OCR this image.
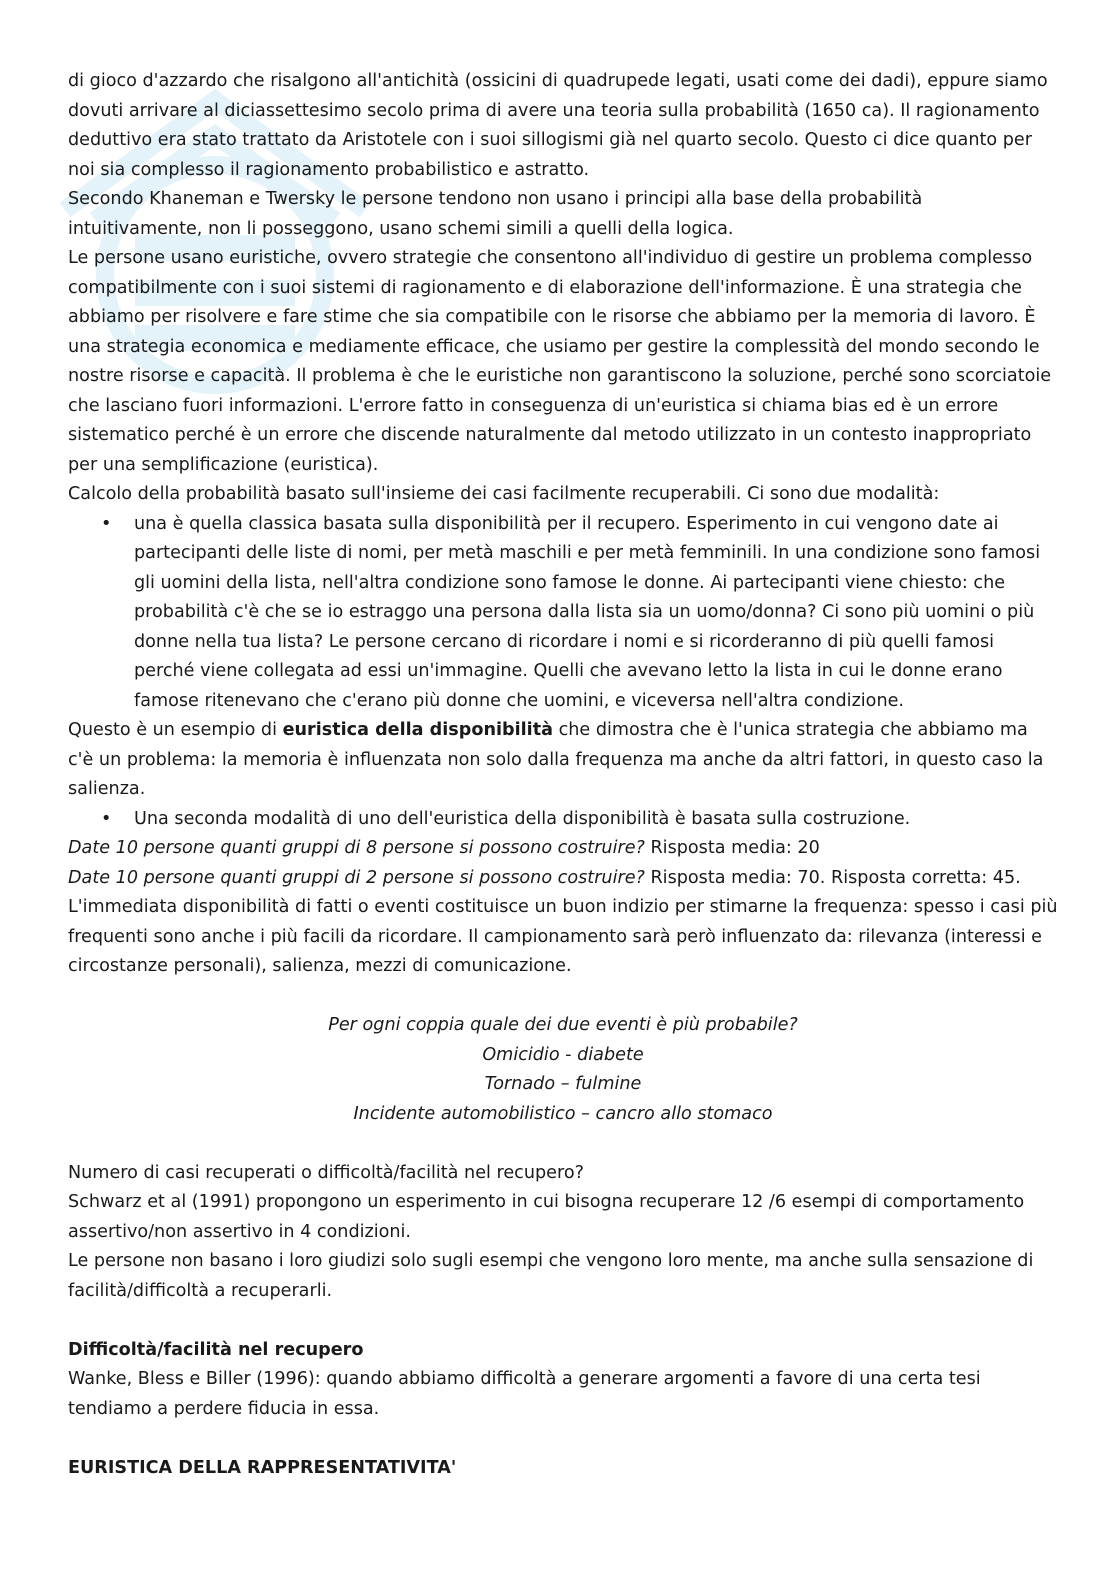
di gioco d'azzardo che risalgono all'antichità (ossicini di quadrupede legati, usati come dei dadi), eppure siamo dovuti arrivare al diciassettesimo secolo prima di avere una teoria sulla probabilità (1650 ca). Il ragionamento deduttivo era stato trattato da Aristotele con i suoi sillogismi già nel quarto secolo. Questo ci dice quanto per noi sia complesso il ragionamento probabilistico e astratto.

Secondo Khaneman e Twersky le persone tendono non usano i principi alla base della probabilità intuitivamente, non li posseggono, usano schemi simili a quelli della logica.

Le persone usano euristiche, ovvero strategie che consentono all'individuo di gestire un problema complesso compatibilmente con i suoi sistemi di ragionamento e di elaborazione dell'informazione. È una strategia che abbiamo per risolvere e fare stime che sia compatibile con le risorse che abbiamo per la memoria di lavoro. È una strategia economica e mediamente efficace, che usiamo per gestire la complessità del mondo secondo le nostre risorse e capacità. Il problema è che le euristiche non garantiscono la soluzione, perché sono scorciatoie che lasciano fuori informazioni. L'errore fatto in conseguenza di un'euristica si chiama bias ed è un errore sistematico perché è un errore che discende naturalmente dal metodo utilizzato in un contesto inappropriato per una semplificazione (euristica).

Calcolo della probabilità basato sull'insieme dei casi facilmente recuperabili. Ci sono due modalità:

• una è quella classica basata sulla disponibilità per il recupero. Esperimento in cui vengono date ai partecipanti delle liste di nomi, per metà maschili e per metà femminili. In una condizione sono famosi gli uomini della lista, nell'altra condizione sono famose le donne. Ai partecipanti viene chiesto: che probabilità c'è che se io estraggo una persona dalla lista sia un uomo/donna? Ci sono più uomini o più donne nella tua lista? Le persone cercano di ricordare i nomi e si ricorderanno di più quelli famosi perché viene collegata ad essi un'immagine. Quelli che avevano letto la lista in cui le donne erano famose ritenevano che c'erano più donne che uomini, e viceversa nell'altra condizione.

Questo è un esempio di euristica della disponibilità che dimostra che è l'unica strategia che abbiamo ma c'è un problema: la memoria è influenzata non solo dalla frequenza ma anche da altri fattori, in questo caso la salienza.

• Una seconda modalità di uno dell'euristica della disponibilità è basata sulla costruzione.

Date 10 persone quanti gruppi di 8 persone si possono costruire? Risposta media: 20

Date 10 persone quanti gruppi di 2 persone si possono costruire? Risposta media: 70. Risposta corretta: 45.

L'immediata disponibilità di fatti o eventi costituisce un buon indizio per stimarne la frequenza: spesso i casi più frequenti sono anche i più facili da ricordare. Il campionamento sarà però influenzato da: rilevanza (interessi e circostanze personali), salienza, mezzi di comunicazione.

Per ogni coppia quale dei due eventi è più probabile?

Omicidio - diabete

Tornado – fulmine

Incidente automobilistico – cancro allo stomaco

Numero di casi recuperati o difficoltà/facilità nel recupero?

Schwarz et al (1991) propongono un esperimento in cui bisogna recuperare 12 /6 esempi di comportamento assertivo/non assertivo in 4 condizioni.

Le persone non basano i loro giudizi solo sugli esempi che vengono loro mente, ma anche sulla sensazione di facilità/difficoltà a recuperarli.

Difficoltà/facilità nel recupero

Wanke, Bless e Biller (1996): quando abbiamo difficoltà a generare argomenti a favore di una certa tesi tendiamo a perdere fiducia in essa.

EURISTICA DELLA RAPPRESENTATIVITA'
